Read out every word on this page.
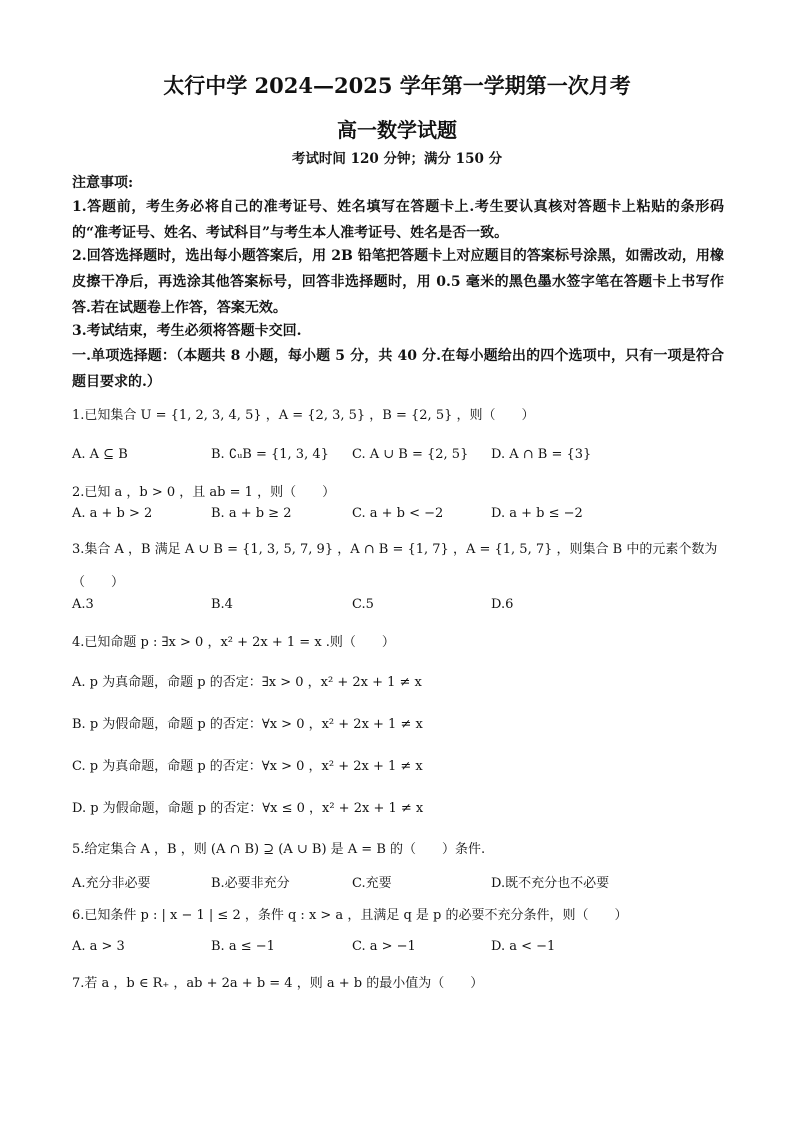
太行中学 2024—2025 学年第一学期第一次月考
高一数学试题
考试时间 120 分钟；满分 150 分
注意事项:
1.答题前，考生务必将自己的准考证号、姓名填写在答题卡上.考生要认真核对答题卡上粘贴的条形码的“准考证号、姓名、考试科目”与考生本人准考证号、姓名是否一致。
2.回答选择题时，选出每小题答案后，用 2B 铅笔把答题卡上对应题目的答案标号涂黑，如需改动，用橡皮擦干净后，再选涂其他答案标号，回答非选择题时，用 0.5 毫米的黑色墨水签字笔在答题卡上书写作答.若在试题卷上作答，答案无效。
3.考试结束，考生必须将答题卡交回.
一.单项选择题：（本题共 8 小题，每小题 5 分，共 40 分.在每小题给出的四个选项中，只有一项是符合题目要求的.）
1.已知集合 U = {1, 2, 3, 4, 5} ，A = {2, 3, 5} ，B = {2, 5} ，则（　　）
A. A ⊆ B	B. ∁ᵤB = {1, 3, 4} C. A ∪ B = {2, 5} D. A ∩ B = {3}
2.已知 a ，b > 0 ，且 ab = 1 ，则（　　）
A. a + b > 2	B. a + b ≥ 2	C. a + b < −2	D. a + b ≤ −2
3.集合 A ，B 满足 A ∪ B = {1, 3, 5, 7, 9} ，A ∩ B = {1, 7} ，A = {1, 5, 7} ，则集合 B 中的元素个数为
（　　）
A.3	B.4	C.5	D.6
4.已知命题 p : ∃x > 0 ，x² + 2x + 1 = x .则（　　）
A. p 为真命题，命题 p 的否定：∃x > 0 ，x² + 2x + 1 ≠ x
B. p 为假命题，命题 p 的否定：∀x > 0 ，x² + 2x + 1 ≠ x
C. p 为真命题，命题 p 的否定：∀x > 0 ，x² + 2x + 1 ≠ x
D. p 为假命题，命题 p 的否定：∀x ≤ 0 ，x² + 2x + 1 ≠ x
5.给定集合 A ，B ，则 (A ∩ B) ⊇ (A ∪ B) 是 A = B 的（　　）条件.
A.充分非必要	B.必要非充分	C.充要	D.既不充分也不必要
6.已知条件 p : | x − 1 | ≤ 2 ，条件 q : x > a ，且满足 q 是 p 的必要不充分条件，则（　　）
A. a > 3	B. a ≤ −1	C. a > −1	D. a < −1
7.若 a ，b ∈ R₊ ，ab + 2a + b = 4 ，则 a + b 的最小值为（　　）
